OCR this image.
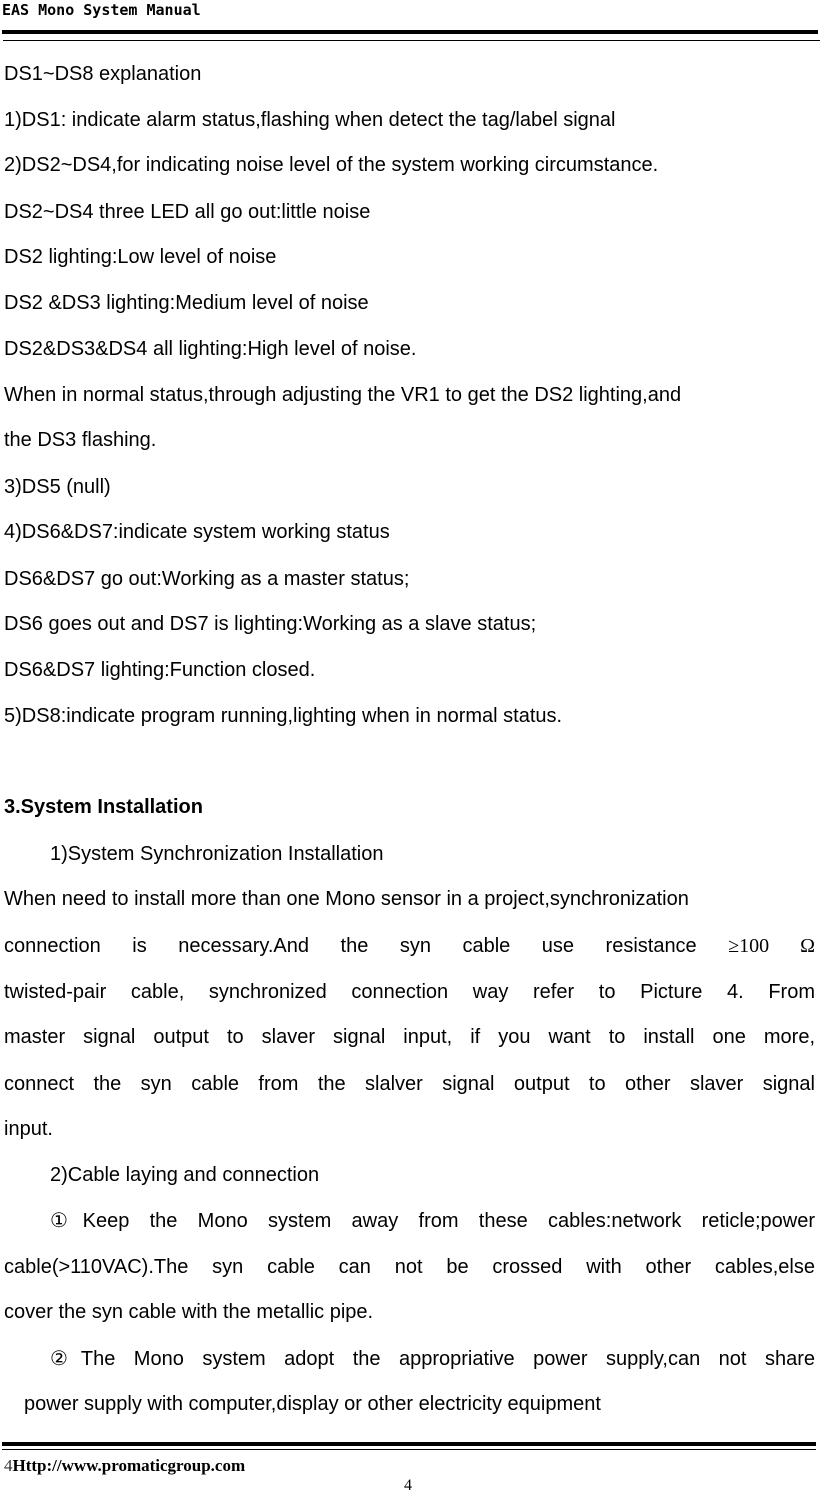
EAS Mono System Manual
DS1~DS8 explanation
1)DS1: indicate alarm status,flashing when detect the tag/label signal
2)DS2~DS4,for indicating noise level of the system working circumstance.
DS2~DS4 three LED all go out:little noise
DS2 lighting:Low level of noise
DS2 &DS3 lighting:Medium level of noise
DS2&DS3&DS4 all lighting:High level of noise.
When in normal status,through adjusting the VR1 to get the DS2 lighting,and
the DS3 flashing.
3)DS5 (null)
4)DS6&DS7:indicate system working status
DS6&DS7 go out:Working as a master status;
DS6 goes out and DS7 is lighting:Working as a slave status;
DS6&DS7 lighting:Function closed.
5)DS8:indicate program running,lighting when in normal status.
3.System Installation
1)System Synchronization Installation
When need to install more than one Mono sensor in a project,synchronization
connection is necessary.And the syn cable use resistance ≥100 Ω
twisted-pair cable, synchronized connection way refer to Picture 4. From
master signal output to slaver signal input, if you want to install one more,
connect the syn cable from the slalver signal output to other slaver signal
input.
2)Cable laying and connection
①Keep the Mono system away from these cables:network reticle;power
cable(>110VAC).The syn cable can not be crossed with other cables,else
cover the syn cable with the metallic pipe.
②The Mono system adopt the appropriative power supply,can not share
power supply with computer,display or other electricity equipment
4Http://www.promaticgroup.com
4
